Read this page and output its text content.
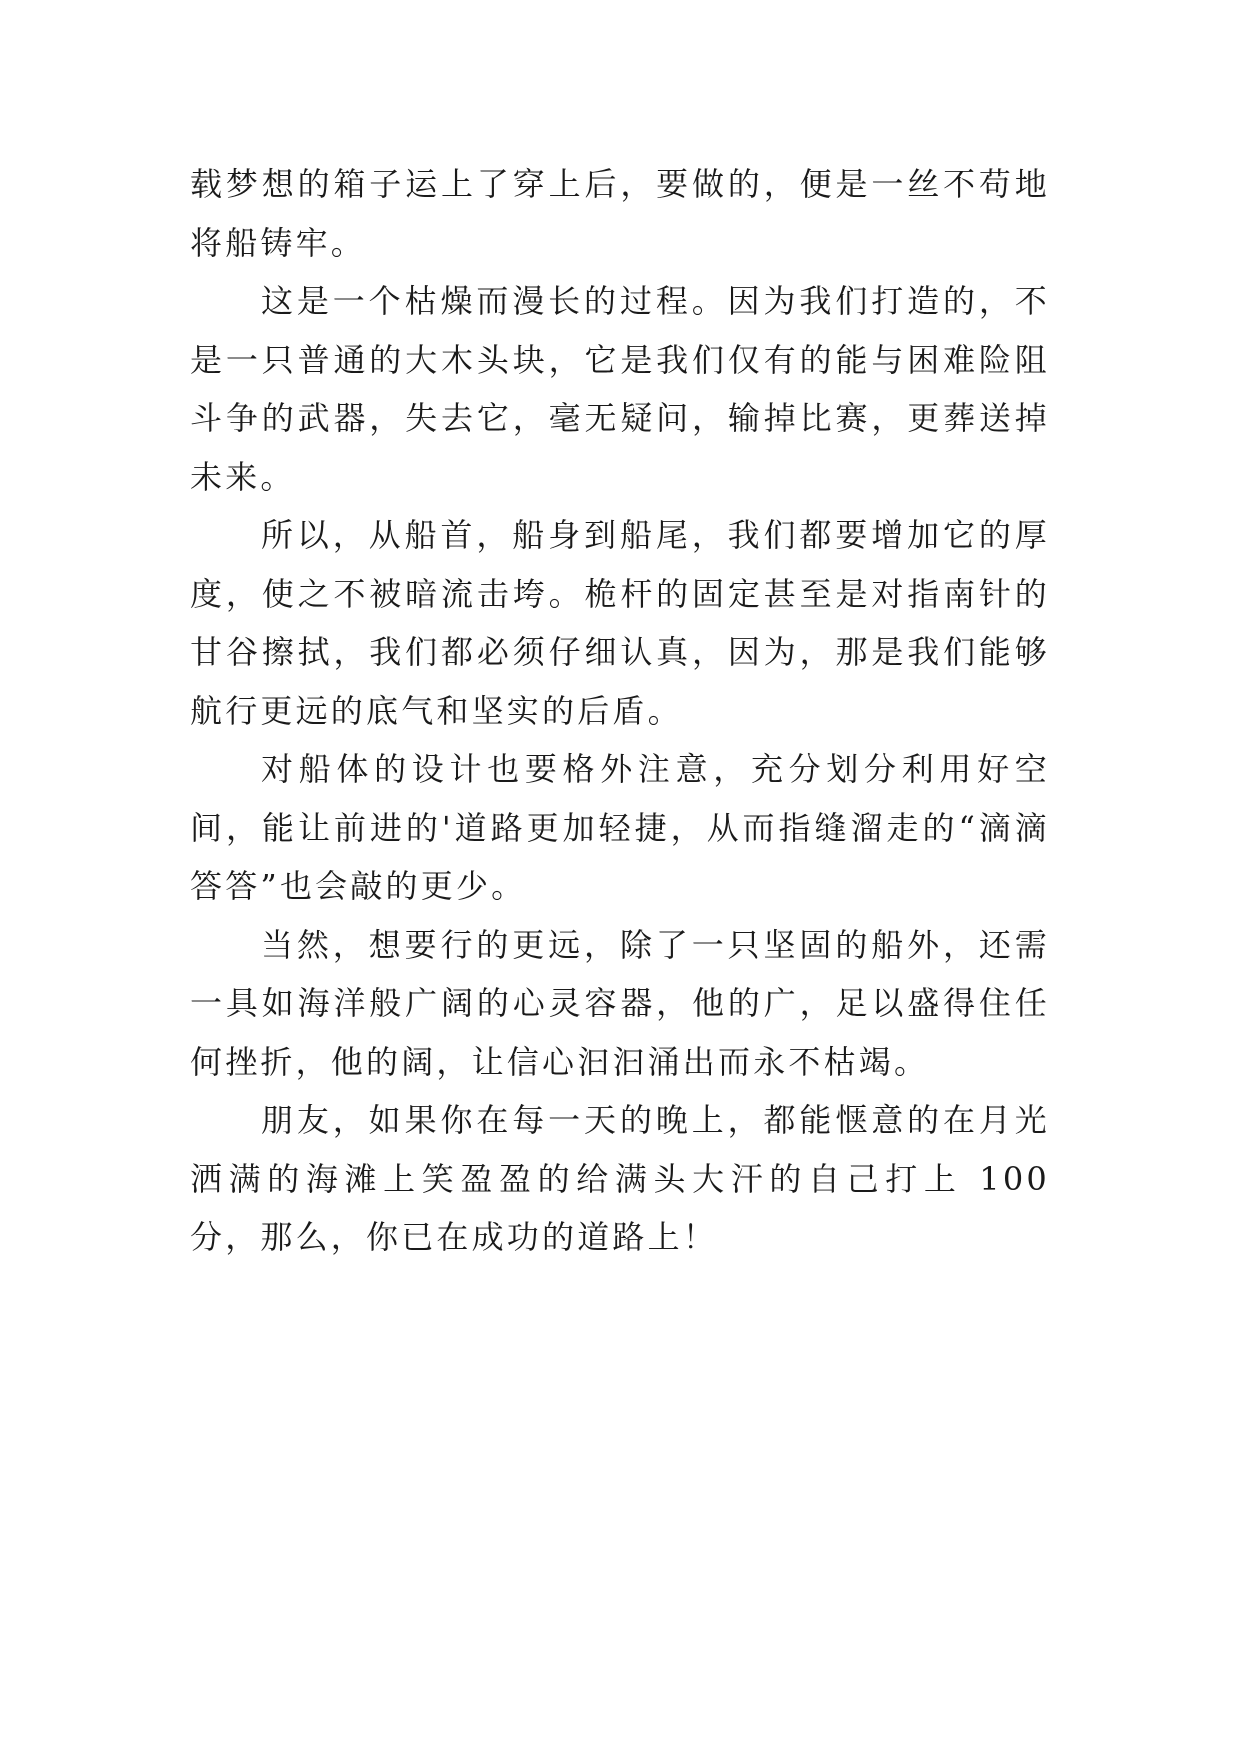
载梦想的箱子运上了穿上后，要做的，便是一丝不苟地将船铸牢。

这是一个枯燥而漫长的过程。因为我们打造的，不是一只普通的大木头块，它是我们仅有的能与困难险阻斗争的武器，失去它，毫无疑问，输掉比赛，更葬送掉未来。

所以，从船首，船身到船尾，我们都要增加它的厚度，使之不被暗流击垮。桅杆的固定甚至是对指南针的甘谷擦拭，我们都必须仔细认真，因为，那是我们能够航行更远的底气和坚实的后盾。

对船体的设计也要格外注意，充分划分利用好空间，能让前进的'道路更加轻捷，从而指缝溜走的“滴滴答答”也会敲的更少。

当然，想要行的更远，除了一只坚固的船外，还需一具如海洋般广阔的心灵容器，他的广，足以盛得住任何挫折，他的阔，让信心汩汩涌出而永不枯竭。

朋友，如果你在每一天的晚上，都能惬意的在月光洒满的海滩上笑盈盈的给满头大汗的自己打上 100 分，那么，你已在成功的道路上！
